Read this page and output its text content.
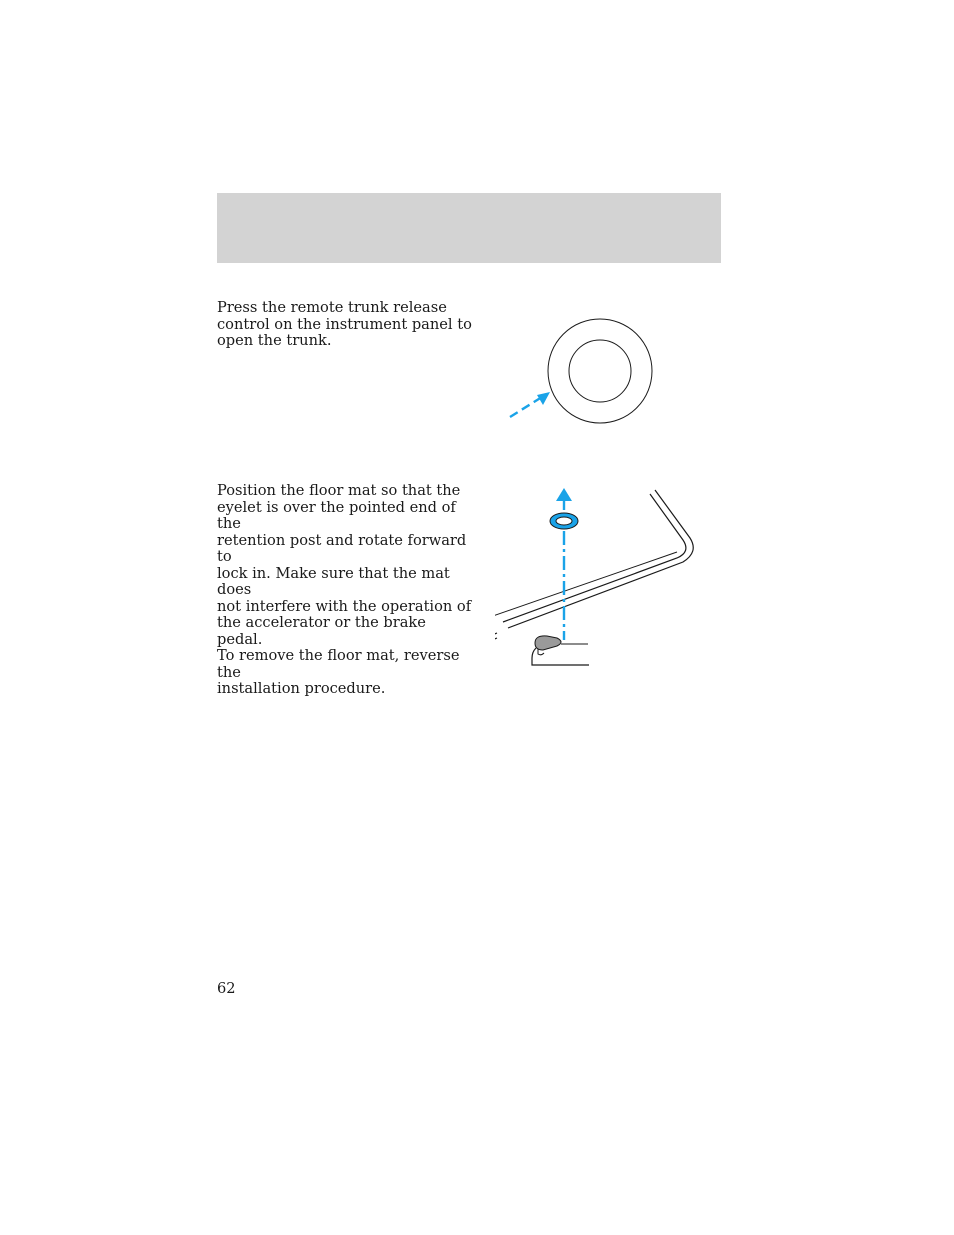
Press the remote trunk release
control on the instrument panel to
open the trunk.

Position the floor mat so that the
eyelet is over the pointed end of the
retention post and rotate forward to
lock in. Make sure that the mat does
not interfere with the operation of
the accelerator or the brake pedal.
To remove the floor mat, reverse the
installation procedure.

62
